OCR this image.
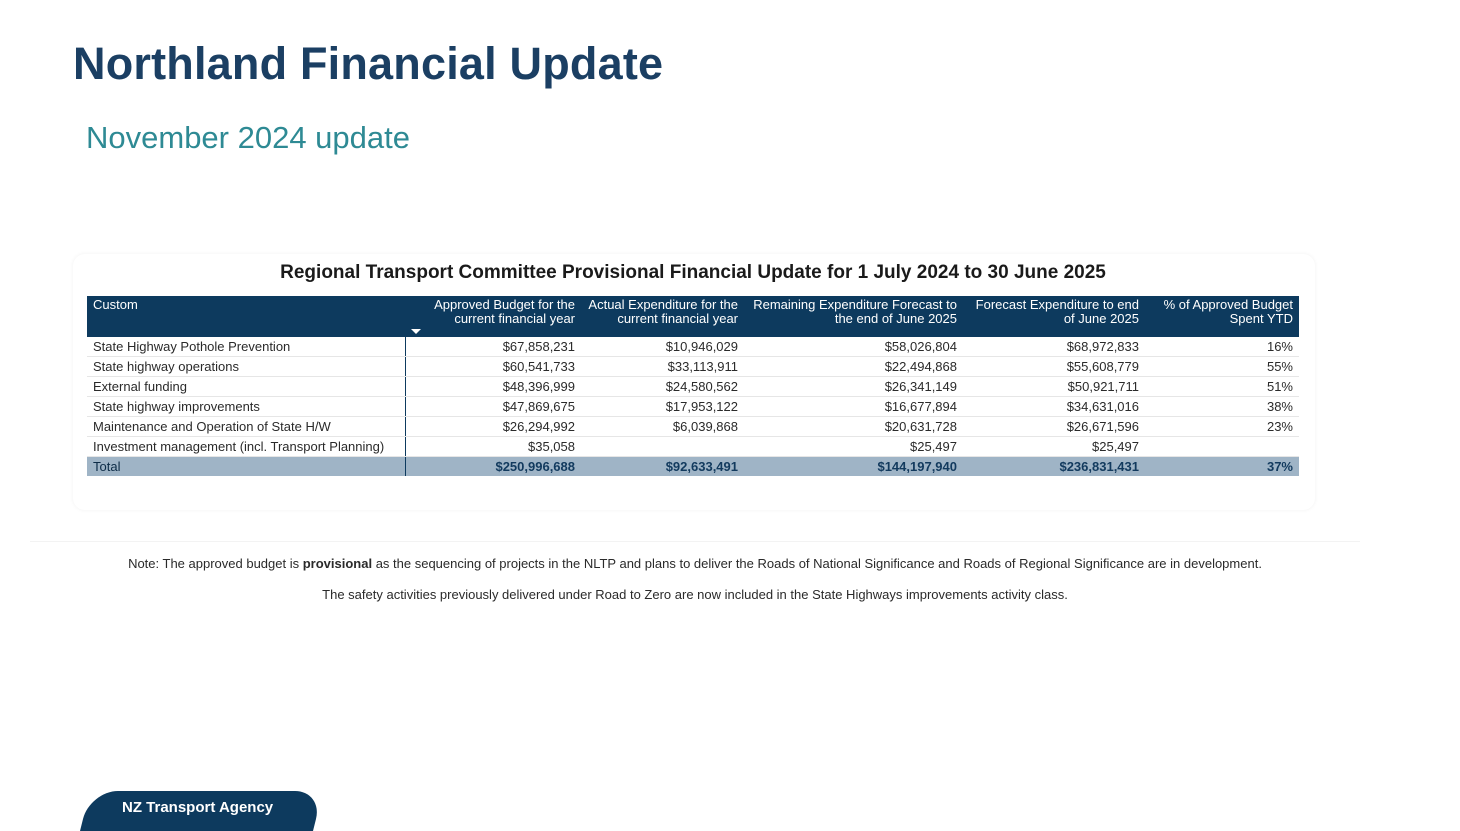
Northland Financial Update
November 2024 update
Regional Transport Committee Provisional Financial Update for 1 July 2024 to 30 June 2025
Custom	Approved Budget for the current financial year	Actual Expenditure for the current financial year	Remaining Expenditure Forecast to the end of June 2025	Forecast Expenditure to end of June 2025	% of Approved Budget Spent YTD
State Highway Pothole Prevention	$67,858,231	$10,946,029	$58,026,804	$68,972,833	16%
State highway operations	$60,541,733	$33,113,911	$22,494,868	$55,608,779	55%
External funding	$48,396,999	$24,580,562	$26,341,149	$50,921,711	51%
State highway improvements	$47,869,675	$17,953,122	$16,677,894	$34,631,016	38%
Maintenance and Operation of State H/W	$26,294,992	$6,039,868	$20,631,728	$26,671,596	23%
Investment management (incl. Transport Planning)	$35,058		$25,497	$25,497	
Total	$250,996,688	$92,633,491	$144,197,940	$236,831,431	37%
Note: The approved budget is provisional as the sequencing of projects in the NLTP and plans to deliver the Roads of National Significance and Roads of Regional Significance are in development.
The safety activities previously delivered under Road to Zero are now included in the State Highways improvements activity class.
NZ Transport Agency
